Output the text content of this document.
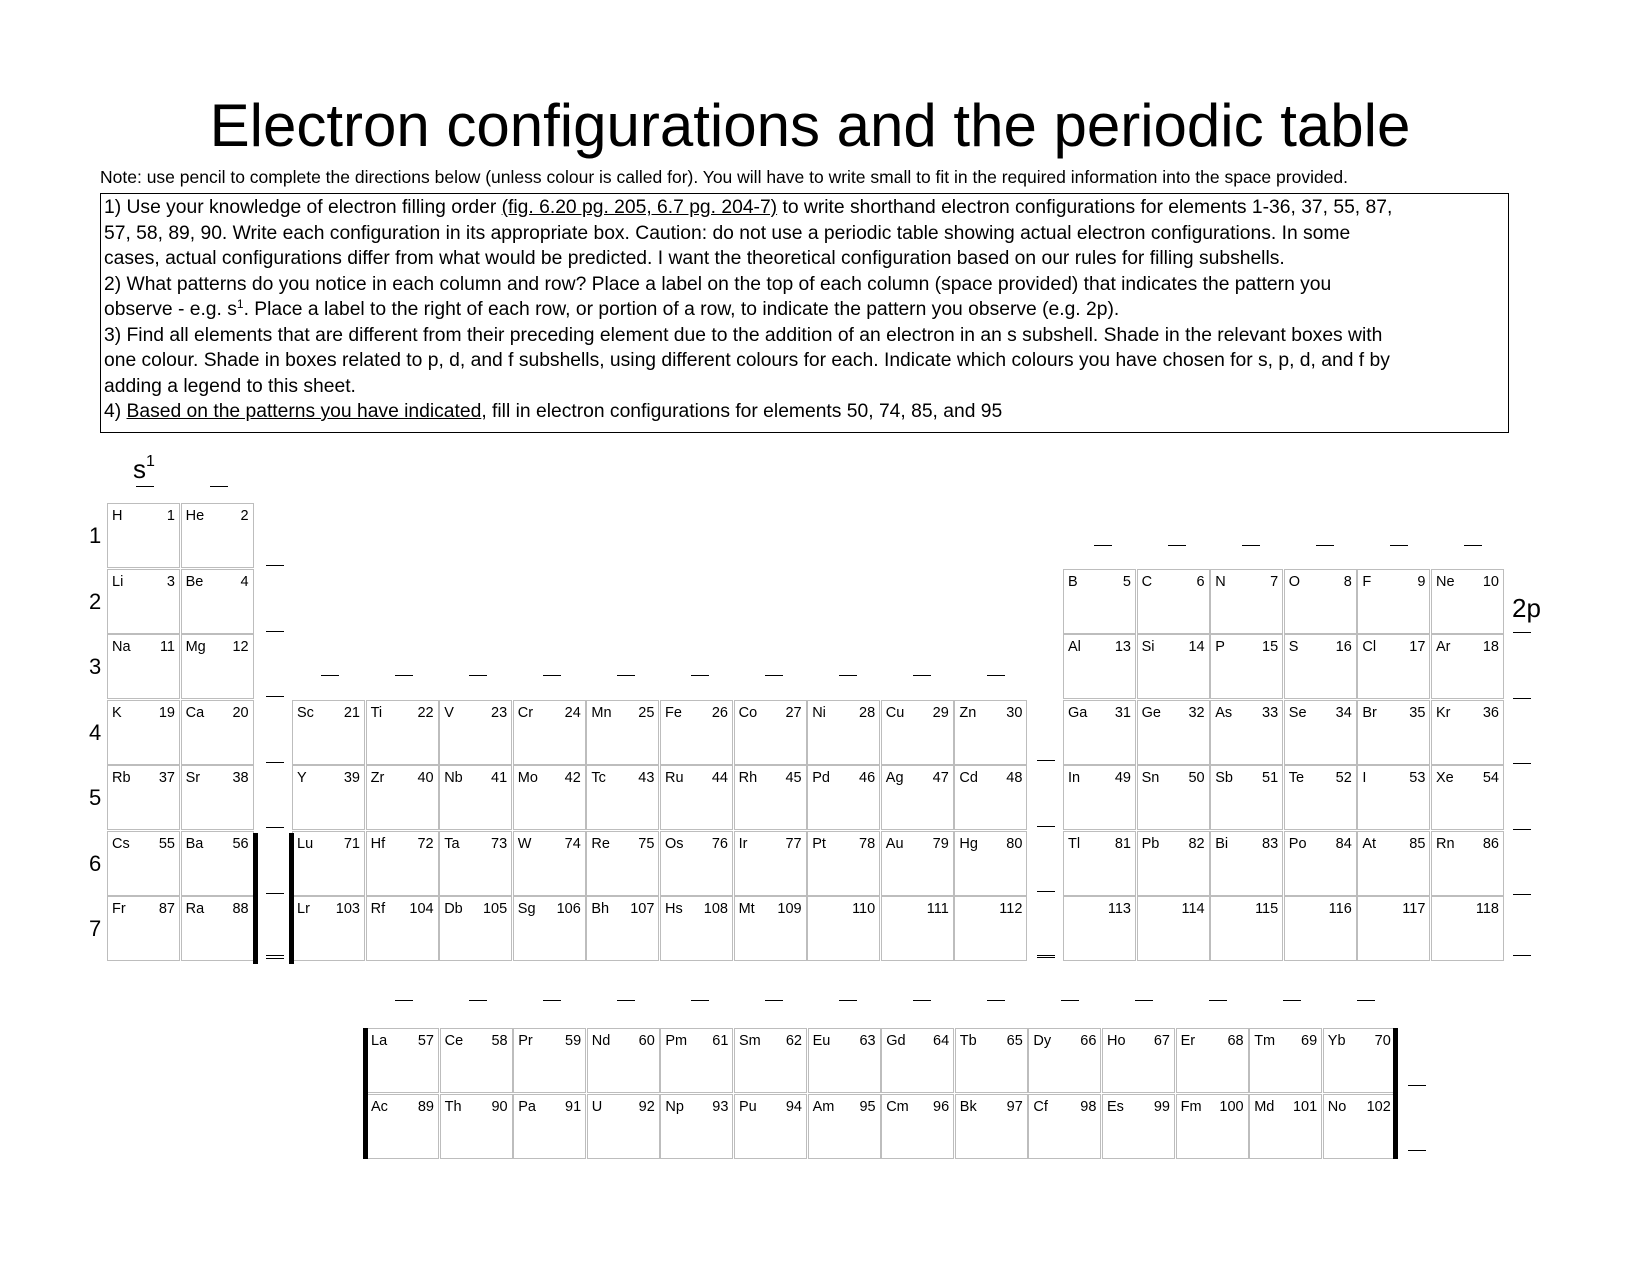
Electron configurations and the periodic table
Note: use pencil to complete the directions below (unless colour is called for). You will have to write small to fit in the required information into the space provided.

1) Use your knowledge of electron filling order (fig. 6.20 pg. 205, 6.7 pg. 204-7) to write shorthand electron configurations for elements 1-36, 37, 55, 87,

57, 58, 89, 90. Write each configuration in its appropriate box. Caution: do not use a periodic table showing actual electron configurations. In some

cases, actual configurations differ from what would be predicted. I want the theoretical configuration based on our rules for filling subshells.

2) What patterns do you notice in each column and row? Place a label on the top of each column (space provided) that indicates the pattern you

observe - e.g. $s^1$. Place a label to the right of each row, or portion of a row, to indicate the pattern you observe (e.g. 2p).

3) Find all elements that are different from their preceding element due to the addition of an electron in an s subshell. Shade in the relevant boxes with

one colour. Shade in boxes related to p, d, and f subshells, using different colours for each. Indicate which colours you have chosen for s, p, d, and f by

adding a legend to this sheet.

4) Based on the patterns you have indicated, fill in electron configurations for elements 50, 74, 85, and 95

$s^1$
2p
H	1 He	2
Li	3 Be	4	B	5 C	6 N	7 O	8 F	9 Ne 10
Na 11 Mg 12	Al 13 Si 14 P	15 S	16 Cl 17 Ar 18
K	19 Ca 20	Sc 21 Ti 22 V	23 Cr 24 Mn 25 Fe 26 Co 27 Ni 28 Cu 29 Zn 30	Ga 31 Ge 32 As 33 Se 34 Br 35 Kr 36
Rb 37 Sr 38	Y	39 Zr 40 Nb 41 Mo 42 Tc 43 Ru 44 Rh 45 Pd 46 Ag 47 Cd 48	In 49 Sn 50 Sb 51 Te 52 I	53 Xe 54
Cs 55 Ba 56	Lu 71 Hf 72 Ta 73 W 74 Re 75 Os 76 Ir	77 Pt 78 Au 79 Hg 80	Tl 81 Pb 82 Bi 83 Po 84 At 85 Rn 86
Fr 87 Ra 88	Lr 103 Rf 104 Db 105 Sg 106 Bh 107 Hs 108 Mt 109	110	111	112	113	114	115	116	117	118
La 57 Ce 58 Pr 59 Nd 60 Pm 61 Sm 62 Eu 63 Gd 64 Tb 65 Dy 66 Ho 67 Er 68 Tm 69 Yb 70
Ac 89 Th 90 Pa 91 U	92 Np 93 Pu 94 Am 95 Cm 96 Bk 97 Cf 98 Es 99 Fm 100 Md 101 No 102
1
2
3
4
5
6
7
